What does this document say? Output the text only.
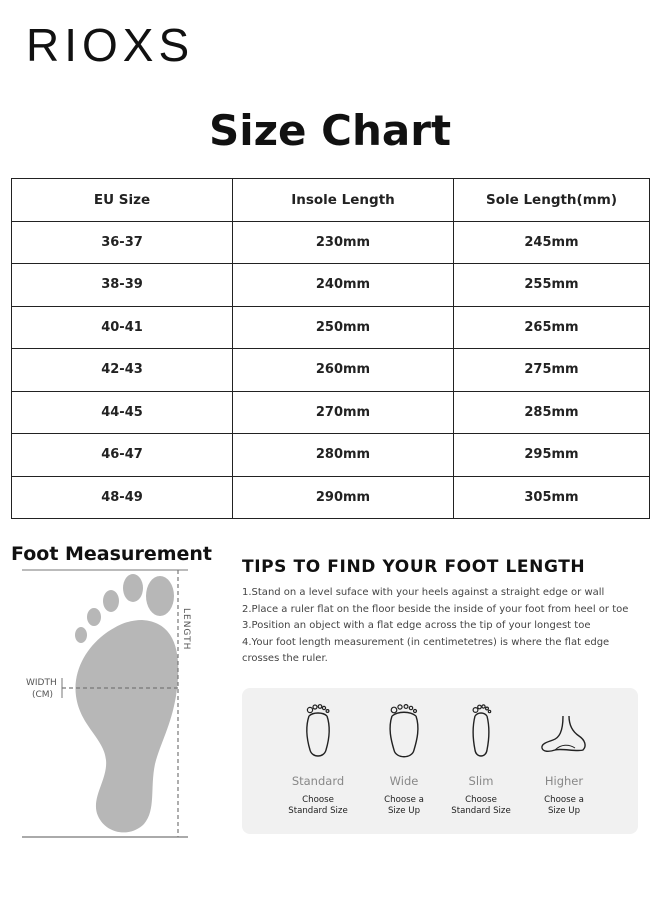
RIOXS
Size Chart
EU Size	Insole Length	Sole Length(mm)
36-37	230mm	245mm
38-39	240mm	255mm
40-41	250mm	265mm
42-43	260mm	275mm
44-45	270mm	285mm
46-47	280mm	295mm
48-49	290mm	305mm
Foot Measurement
LENGTH
WIDTH
(CM)
TIPS TO FIND YOUR FOOT LENGTH
1.Stand on a level suface with your heels against a straight edge or wall
2.Place a ruler flat on the floor beside the inside of your foot from heel or toe
3.Position an object with a flat edge across the tip of your longest toe
4.Your foot length measurement (in centimetetres) is where the flat edge crosses the ruler.
Standard
Choose
Standard Size
Wide
Choose a
Size Up
Slim
Choose
Standard Size
Higher
Choose a
Size Up
